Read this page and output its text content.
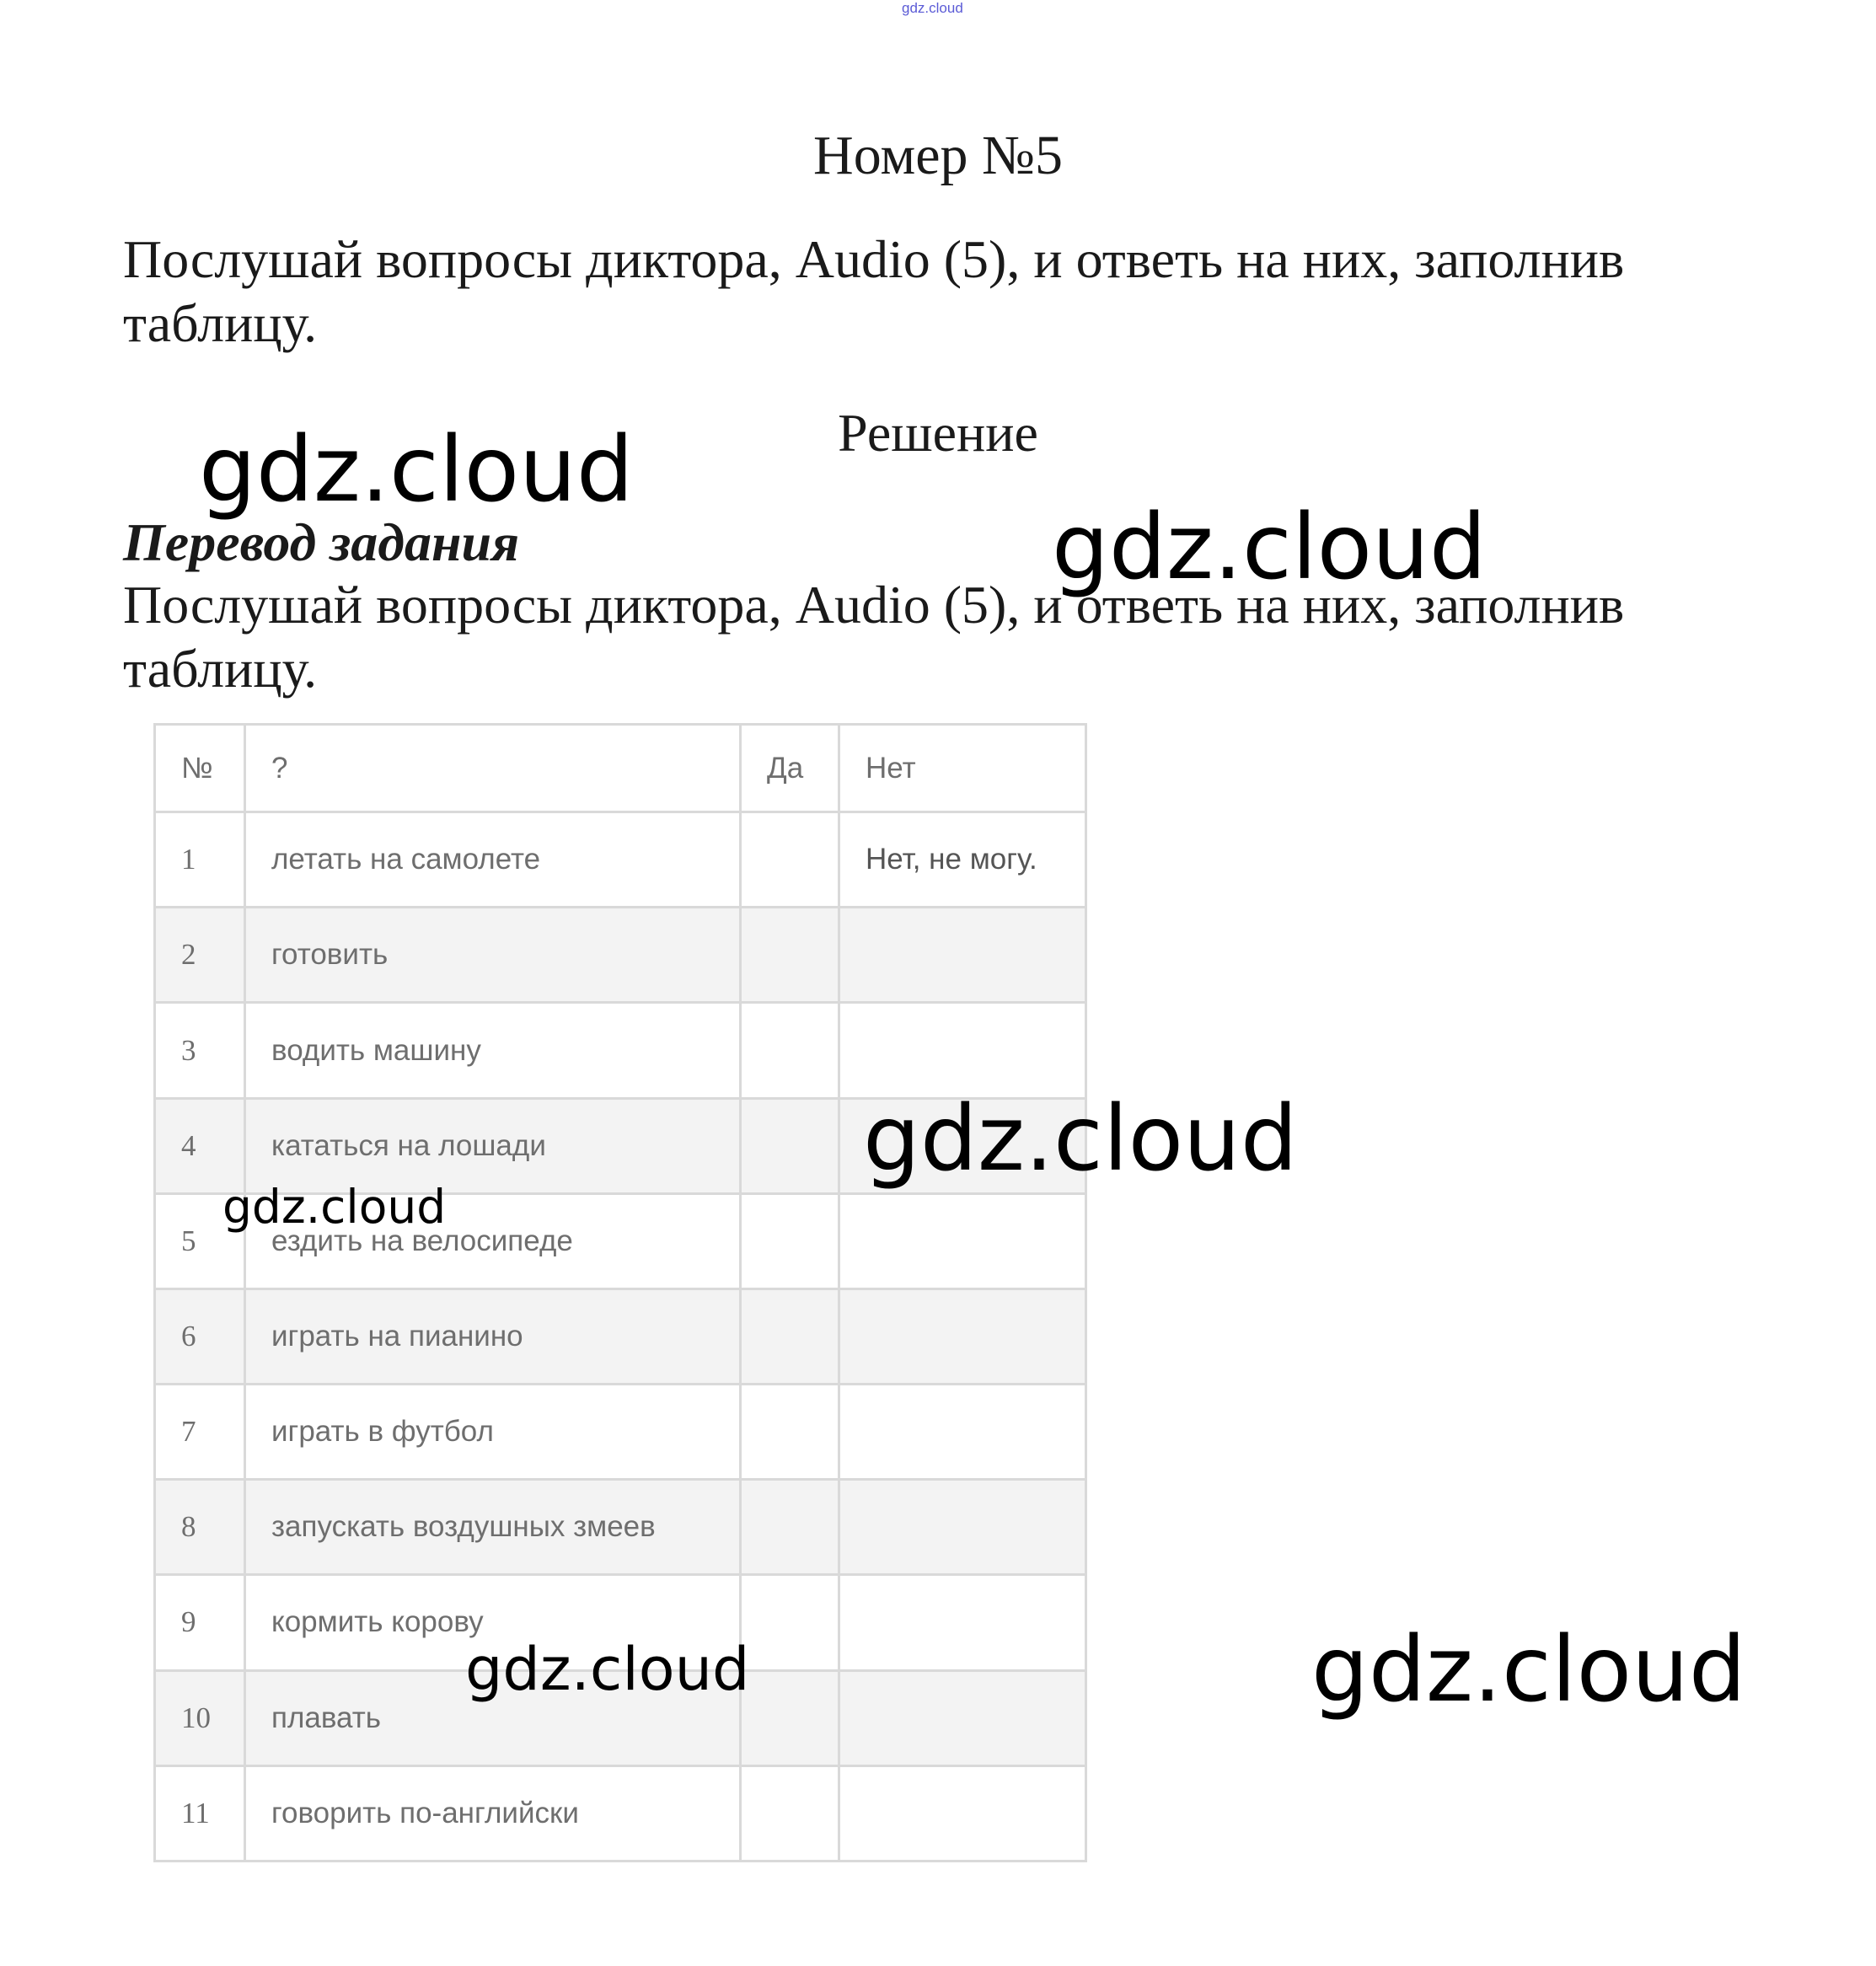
gdz.cloud
Номер №5
Послушай вопросы диктора, Audio (5), и ответь на них, заполнив таблицу.
Решение
Перевод задания
Послушай вопросы диктора, Audio (5), и ответь на них, заполнив таблицу.
№	?	Да	Нет
1	летать на самолете		Нет, не могу.
2	готовить		
3	водить машину		
4	кататься на лошади		
5	ездить на велосипеде		
6	играть на пианино		
7	играть в футбол		
8	запускать воздушных змеев		
9	кормить корову		
10	плавать		
11	говорить по-английски		
gdz.cloud
gdz.cloud
gdz.cloud
gdz.cloud
gdz.cloud	gdz.cloud
